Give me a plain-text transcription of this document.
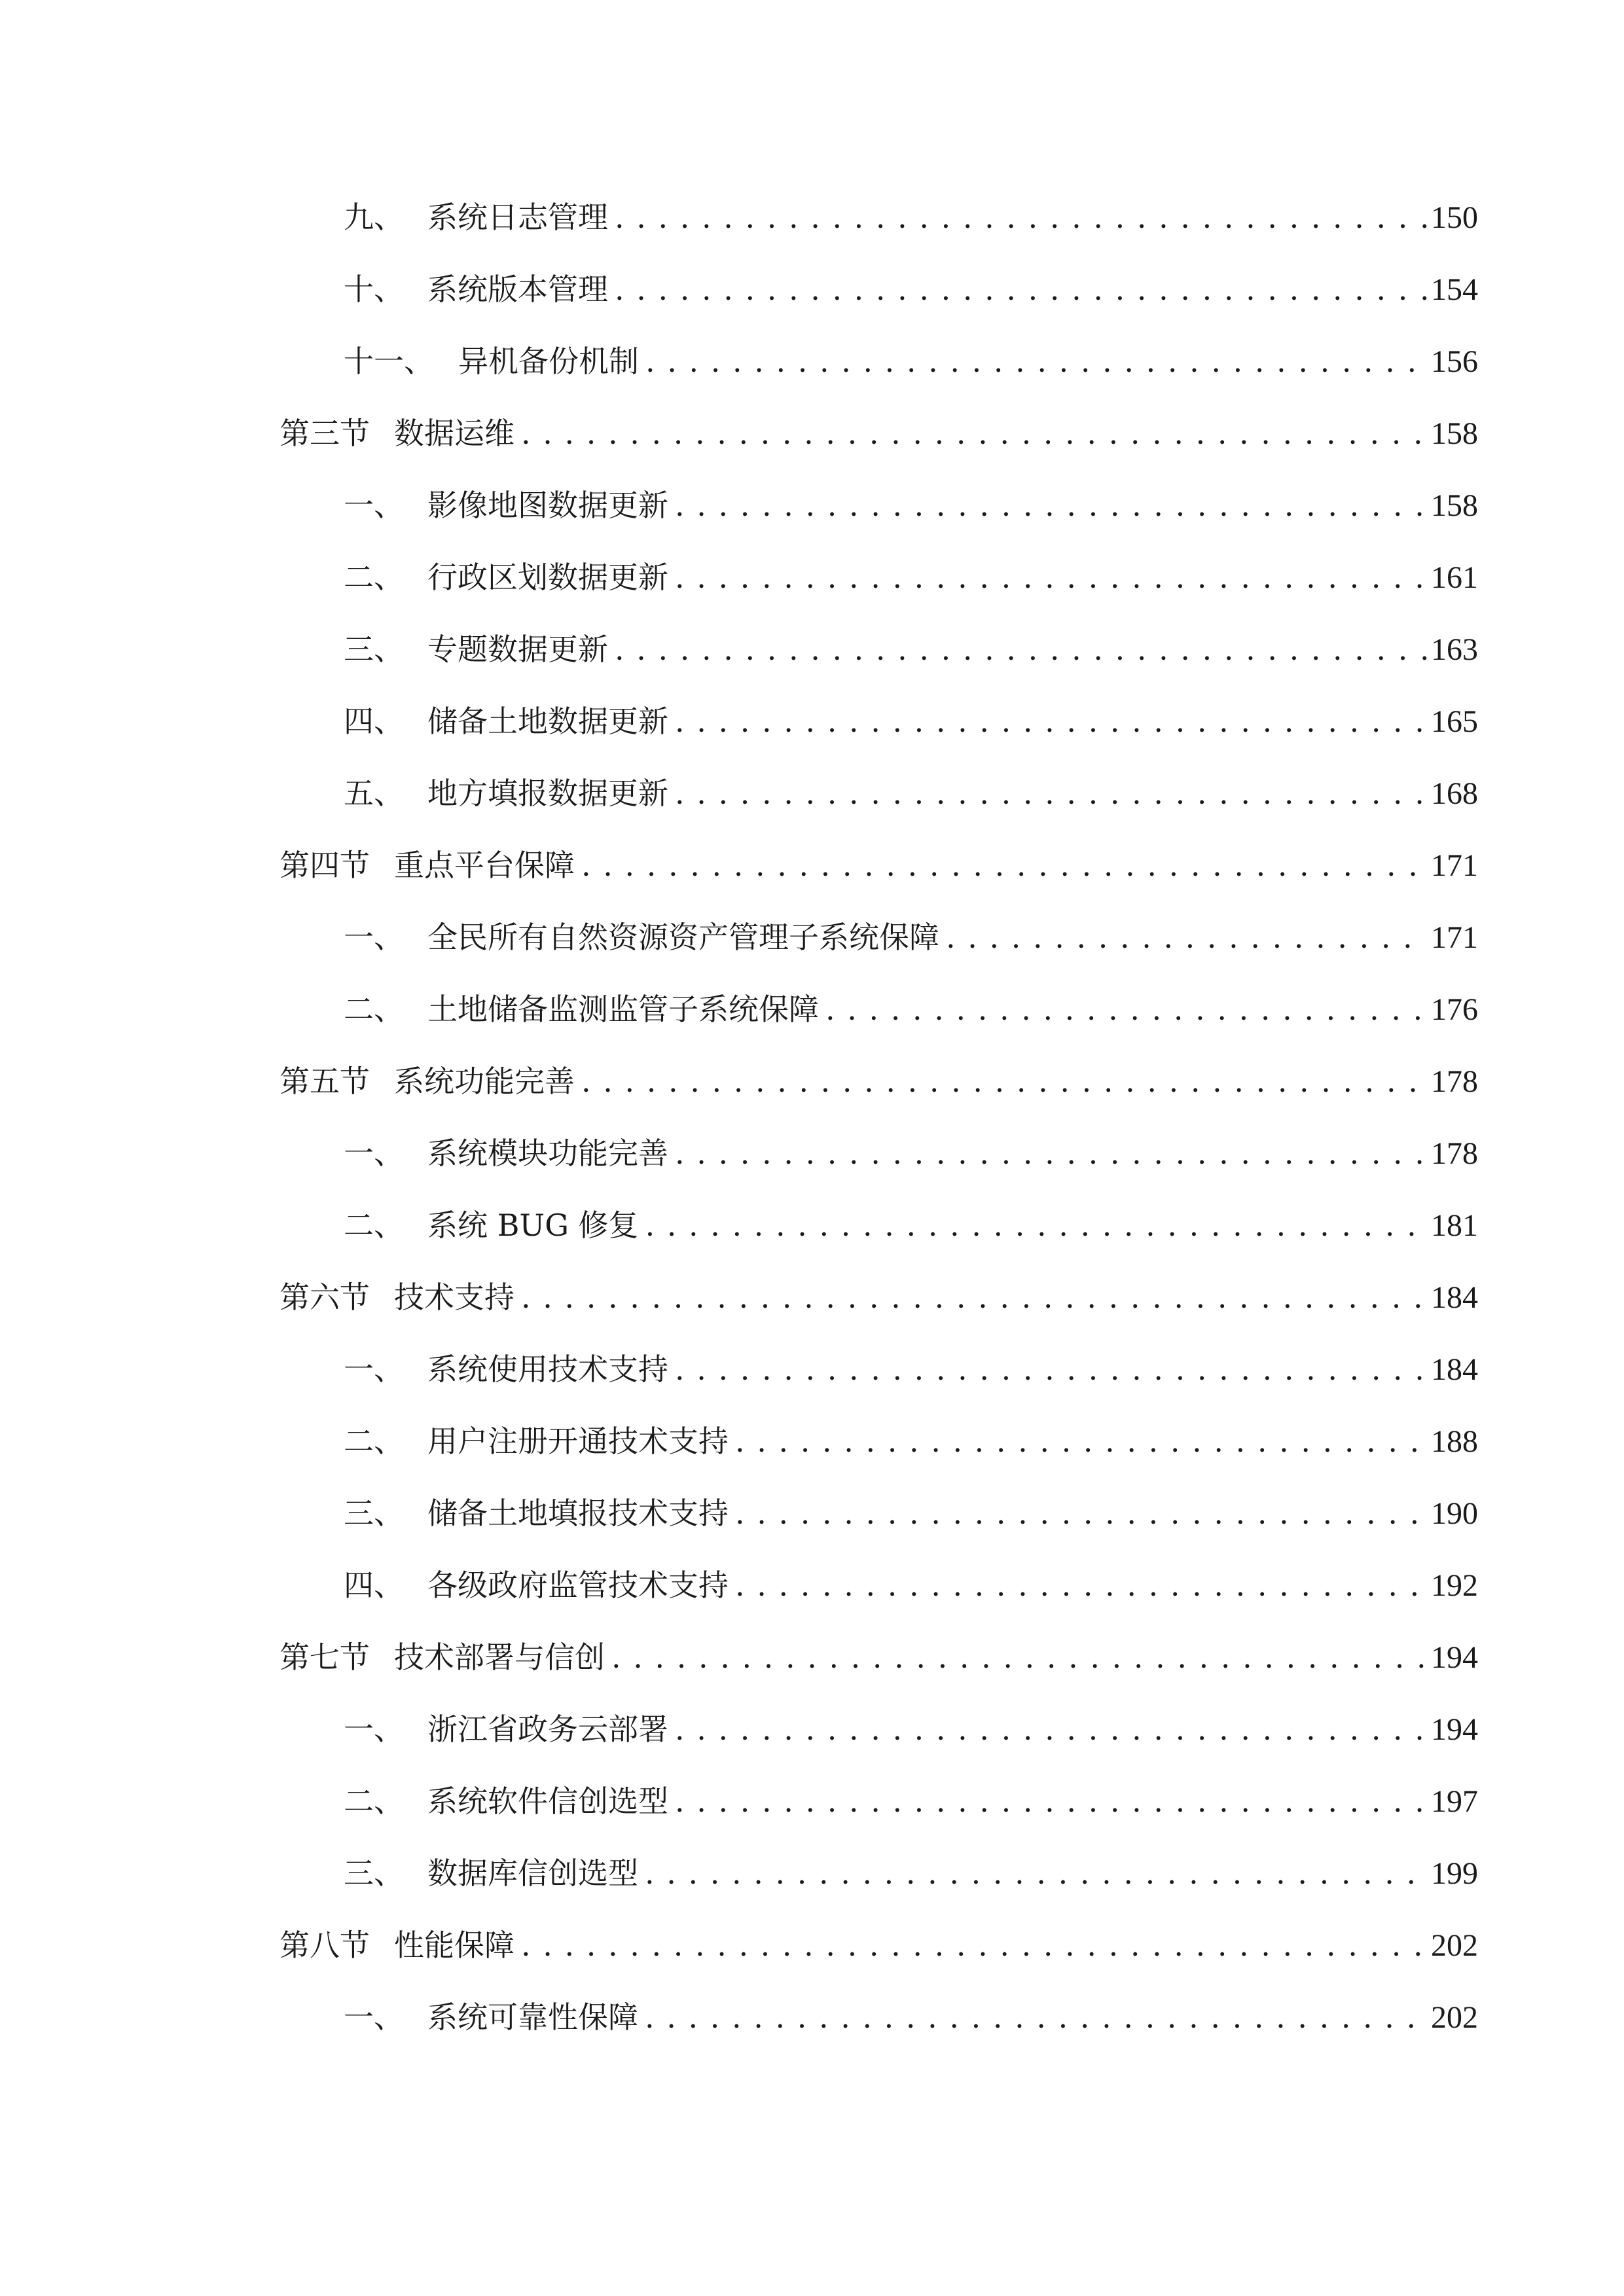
九、 系统日志管理 . . .	150
十、 系统版本管理 . . .	154
十一、 异机备份机制 . . .	156
第三节 数据运维 . . .	158
一、 影像地图数据更新 . . .	158
二、 行政区划数据更新 . . .	161
三、 专题数据更新 . . .	163
四、 储备土地数据更新 . . .	165
五、 地方填报数据更新 . . .	168
第四节 重点平台保障 . . .	171
一、 全民所有自然资源资产管理子系统保障 . . .	171
二、 土地储备监测监管子系统保障 . . .	176
第五节 系统功能完善 . . .	178
一、 系统模块功能完善 . . .	178
二、 系统 BUG 修复 . . .	181
第六节 技术支持 . . .	184
一、 系统使用技术支持 . . .	184
二、 用户注册开通技术支持 . . .	188
三、 储备土地填报技术支持 . . .	190
四、 各级政府监管技术支持 . . .	192
第七节 技术部署与信创 . . .	194
一、 浙江省政务云部署 . . .	194
二、 系统软件信创选型 . . .	197
三、 数据库信创选型 . . .	199
第八节 性能保障 . . .	202
一、 系统可靠性保障 . . .	202
